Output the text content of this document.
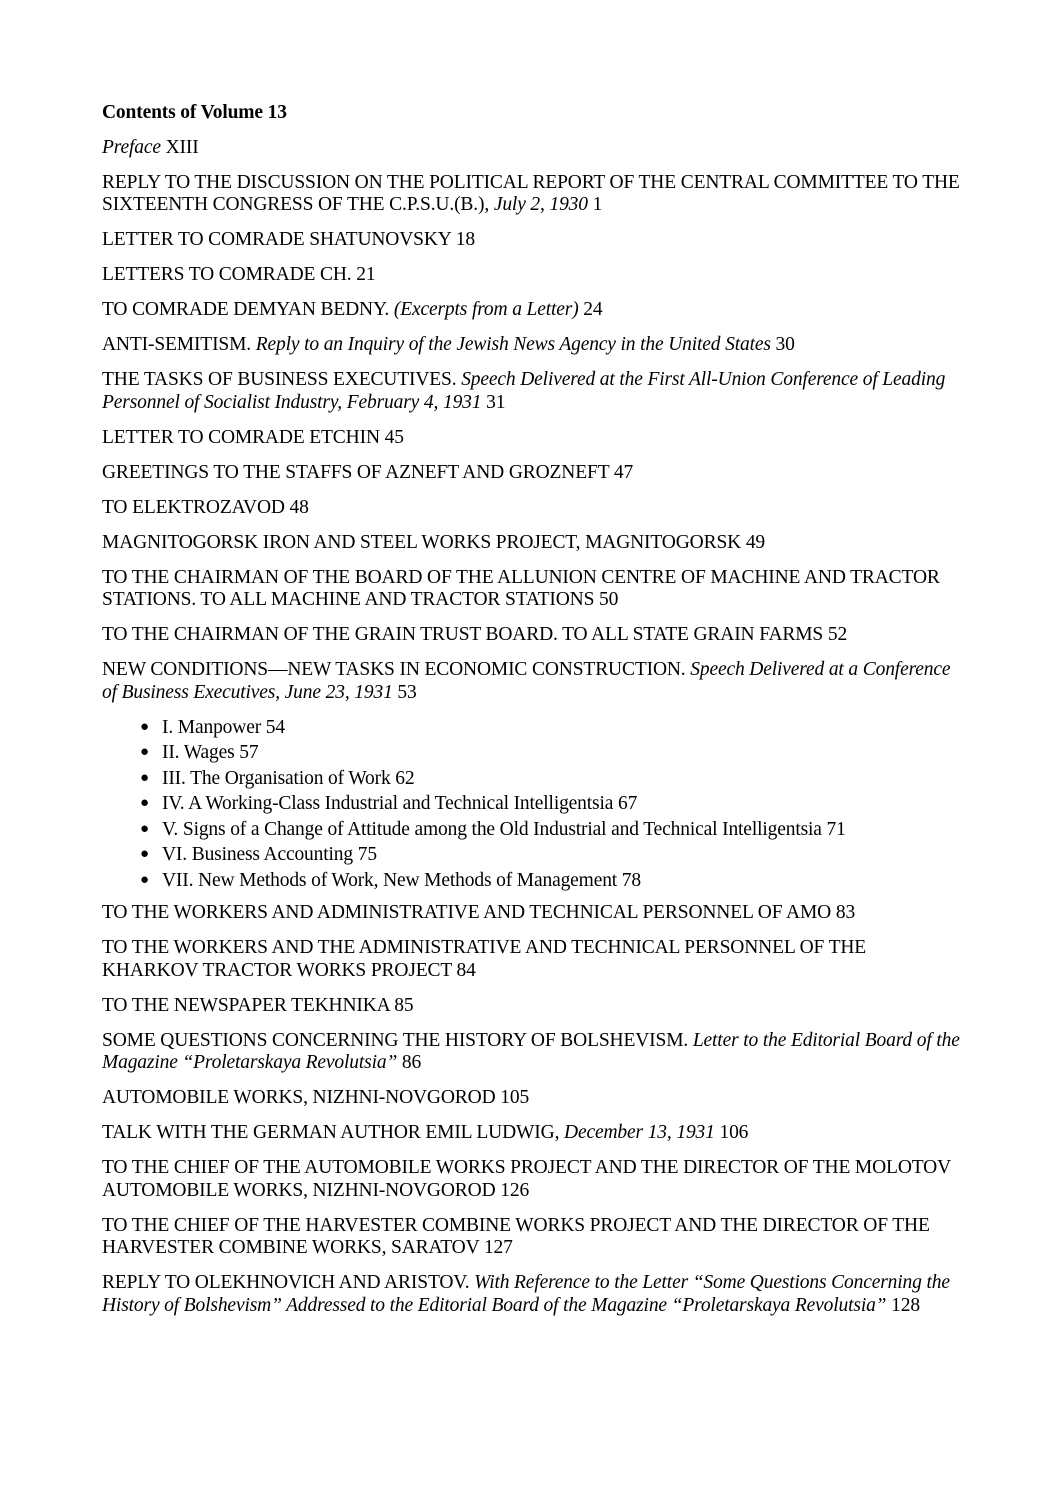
Contents of Volume 13

Preface XIII

REPLY TO THE DISCUSSION ON THE POLITICAL REPORT OF THE CENTRAL COMMITTEE TO THE SIXTEENTH CONGRESS OF THE C.P.S.U.(B.), July 2, 1930 1

LETTER TO COMRADE SHATUNOVSKY 18

LETTERS TO COMRADE CH. 21

TO COMRADE DEMYAN BEDNY. (Excerpts from a Letter) 24

ANTI-SEMITISM. Reply to an Inquiry of the Jewish News Agency in the United States 30

THE TASKS OF BUSINESS EXECUTIVES. Speech Delivered at the First All-Union Conference of Leading Personnel of Socialist Industry, February 4, 1931 31

LETTER TO COMRADE ETCHIN 45

GREETINGS TO THE STAFFS OF AZNEFT AND GROZNEFT 47

TO ELEKTROZAVOD 48

MAGNITOGORSK IRON AND STEEL WORKS PROJECT, MAGNITOGORSK 49

TO THE CHAIRMAN OF THE BOARD OF THE ALLUNION CENTRE OF MACHINE AND TRACTOR STATIONS. TO ALL MACHINE AND TRACTOR STATIONS 50

TO THE CHAIRMAN OF THE GRAIN TRUST BOARD. TO ALL STATE GRAIN FARMS 52

NEW CONDITIONS—NEW TASKS IN ECONOMIC CONSTRUCTION. Speech Delivered at a Conference of Business Executives, June 23, 1931 53

● I. Manpower 54
● II. Wages 57
● III. The Organisation of Work 62
● IV. A Working-Class Industrial and Technical Intelligentsia 67
● V. Signs of a Change of Attitude among the Old Industrial and Technical Intelligentsia 71
● VI. Business Accounting 75
● VII. New Methods of Work, New Methods of Management 78

TO THE WORKERS AND ADMINISTRATIVE AND TECHNICAL PERSONNEL OF AMO 83

TO THE WORKERS AND THE ADMINISTRATIVE AND TECHNICAL PERSONNEL OF THE KHARKOV TRACTOR WORKS PROJECT 84

TO THE NEWSPAPER TEKHNIKA 85

SOME QUESTIONS CONCERNING THE HISTORY OF BOLSHEVISM. Letter to the Editorial Board of the Magazine “Proletarskaya Revolutsia” 86

AUTOMOBILE WORKS, NIZHNI-NOVGOROD 105

TALK WITH THE GERMAN AUTHOR EMIL LUDWIG, December 13, 1931 106

TO THE CHIEF OF THE AUTOMOBILE WORKS PROJECT AND THE DIRECTOR OF THE MOLOTOV AUTOMOBILE WORKS, NIZHNI-NOVGOROD 126

TO THE CHIEF OF THE HARVESTER COMBINE WORKS PROJECT AND THE DIRECTOR OF THE HARVESTER COMBINE WORKS, SARATOV 127

REPLY TO OLEKHNOVICH AND ARISTOV. With Reference to the Letter “Some Questions Concerning the History of Bolshevism” Addressed to the Editorial Board of the Magazine “Proletarskaya Revolutsia” 128
